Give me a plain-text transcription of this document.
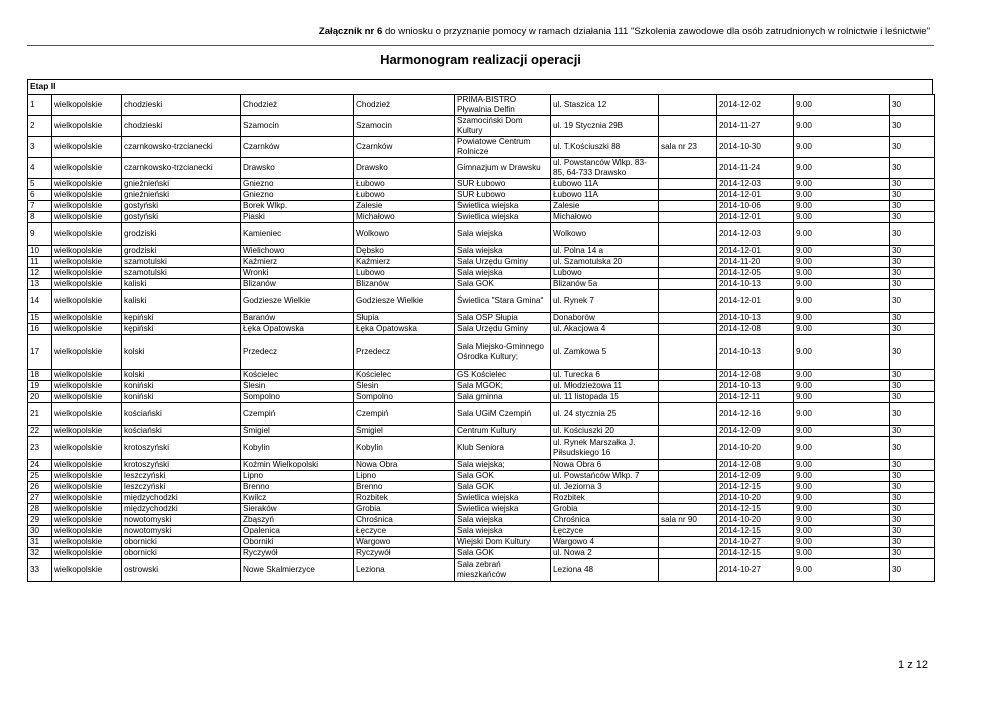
Załącznik nr 6 do wniosku o przyznanie pomocy w ramach działania 111 "Szkolenia zawodowe dla osób zatrudnionych w rolnictwie i leśnictwie"
Harmonogram realizacji operacji
Etap II
1	wielkopolskie	chodzieski	Chodzież	Chodzież	PRIMA-BISTRO Pływalnia Delfin	ul. Staszica 12		2014-12-02	9.00	30
2	wielkopolskie	chodzieski	Szamocin	Szamocin	Szamociński Dom Kultury	ul. 19 Stycznia 29B		2014-11-27	9.00	30
3	wielkopolskie	czarnkowsko-trzcianecki	Czarnków	Czarnków	Powiatowe Centrum Rolnicze	ul. T.Kościuszki 88	sala nr 23	2014-10-30	9.00	30
4	wielkopolskie	czarnkowsko-trzcianecki	Drawsko	Drawsko	Gimnazjum w Drawsku	ul. Powstanców Wlkp. 83-85, 64-733 Drawsko		2014-11-24	9.00	30
5	wielkopolskie	gnieźnieński	Gniezno	Łubowo	SUR Łubowo	Łubowo 11A		2014-12-03	9.00	30
6	wielkopolskie	gnieźnieński	Gniezno	Łubowo	SUR Łubowo	Łubowo 11A		2014-12-01	9.00	30
7	wielkopolskie	gostyński	Borek Wlkp.	Zalesie	Świetlica wiejska	Zalesie		2014-10-06	9.00	30
8	wielkopolskie	gostyński	Piaski	Michałowo	Świetlica wiejska	Michałowo		2014-12-01	9.00	30
9	wielkopolskie	grodziski	Kamieniec	Wolkowo	Sala wiejska	Wolkowo		2014-12-03	9.00	30
10	wielkopolskie	grodziski	Wielichowo	Dębsko	Sala wiejska	ul. Polna 14 a		2014-12-01	9.00	30
11	wielkopolskie	szamotulski	Kaźmierz	Kaźmierz	Sala Urzędu Gminy	ul. Szamotulska 20		2014-11-20	9.00	30
12	wielkopolskie	szamotulski	Wronki	Lubowo	Sala wiejska	Lubowo		2014-12-05	9.00	30
13	wielkopolskie	kaliski	Blizanów	Blizanów	Sala GOK	Blizanów 5a		2014-10-13	9.00	30
14	wielkopolskie	kaliski	Godziesze Wielkie	Godziesze Wielkie	Świetlica "Stara Gmina"	ul. Rynek 7		2014-12-01	9.00	30
15	wielkopolskie	kępiński	Baranów	Słupia	Sala OSP Słupia	Donaborów		2014-10-13	9.00	30
16	wielkopolskie	kępiński	Łęka Opatowska	Łęka Opatowska	Sala Urzędu Gminy	ul. Akacjowa 4		2014-12-08	9.00	30
17	wielkopolskie	kolski	Przedecz	Przedecz	Sala Miejsko-Gminnego Ośrodka Kultury;	ul. Zamkowa 5		2014-10-13	9.00	30
18	wielkopolskie	kolski	Kościelec	Kościelec	GS Kościelec	ul. Turecka 6		2014-12-08	9.00	30
19	wielkopolskie	koniński	Ślesin	Ślesin	Sala MGOK;	ul. Młodzieżowa 11		2014-10-13	9.00	30
20	wielkopolskie	koniński	Sompolno	Sompolno	Sala gminna	ul. 11 listopada 15		2014-12-11	9.00	30
21	wielkopolskie	kościański	Czempiń	Czempiń	Sala UGiM Czempiń	ul. 24 stycznia 25		2014-12-16	9.00	30
22	wielkopolskie	kościański	Śmigiel	Śmigiel	Centrum Kultury	ul. Kościuszki 20		2014-12-09	9.00	30
23	wielkopolskie	krotoszyński	Kobylin	Kobylin	Klub Seniora	ul. Rynek Marszałka J. Piłsudskiego 16		2014-10-20	9.00	30
24	wielkopolskie	krotoszyński	Koźmin Wielkopolski	Nowa Obra	Sala wiejska;	Nowa Obra 6		2014-12-08	9.00	30
25	wielkopolskie	leszczyński	Lipno	Lipno	Sala GOK	ul. Powstańców Wlkp. 7		2014-12-09	9.00	30
26	wielkopolskie	leszczyński	Brenno	Brenno	Sala GOK	ul. Jeziorna 3		2014-12-15	9.00	30
27	wielkopolskie	międzychodzki	Kwilcz	Rozbitek	Świetlica wiejska	Rozbitek		2014-10-20	9.00	30
28	wielkopolskie	międzychodzki	Sieraków	Grobia	Świetlica wiejska	Grobia		2014-12-15	9.00	30
29	wielkopolskie	nowotomyski	Zbąszyń	Chrośnica	Sala wiejska	Chrośnica	sala nr 90	2014-10-20	9.00	30
30	wielkopolskie	nowotomyski	Opalenica	Łęczyce	Sala wiejska	Łęczyce		2014-12-15	9.00	30
31	wielkopolskie	obornicki	Oborniki	Wargowo	Wiejski Dom Kultury	Wargowo 4		2014-10-27	9.00	30
32	wielkopolskie	obornicki	Ryczywół	Ryczywół	Sala GOK	ul. Nowa 2		2014-12-15	9.00	30
33	wielkopolskie	ostrowski	Nowe Skalmierzyce	Leziona	Sala zebrań mieszkańców	Leziona 48		2014-10-27	9.00	30
1 z 12
